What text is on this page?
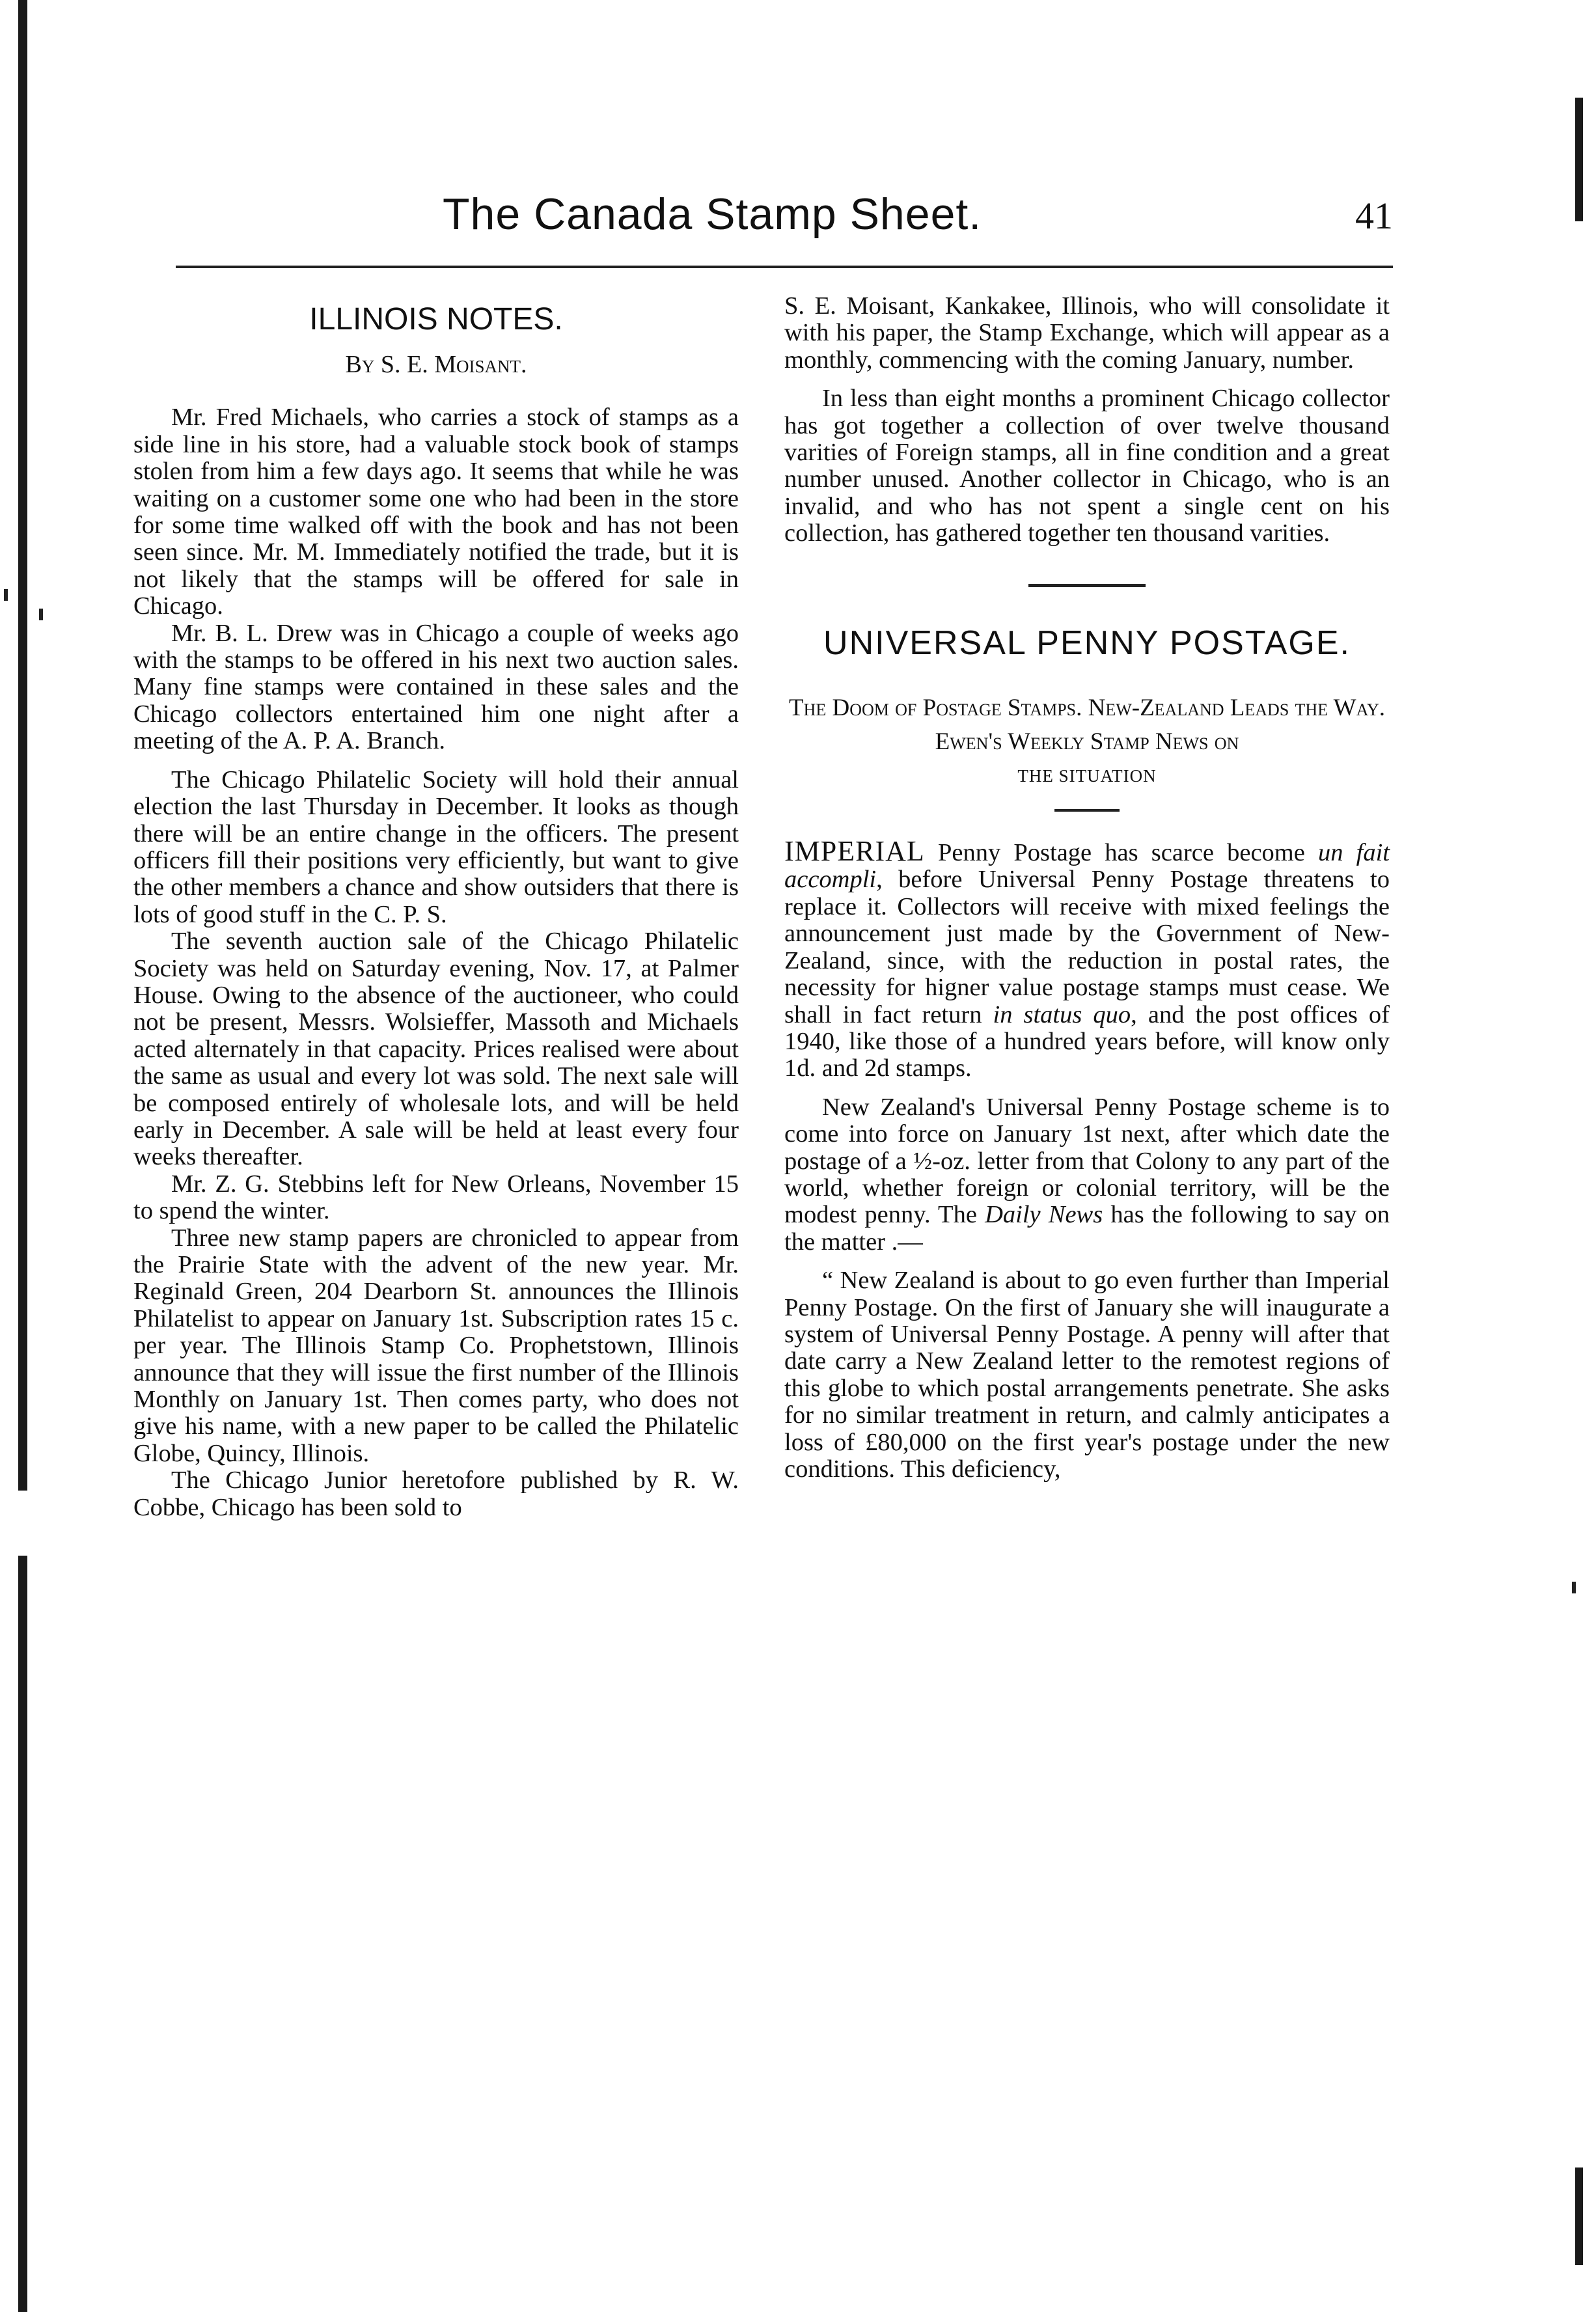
The Canada Stamp Sheet.	41

ILLINOIS NOTES.

By S. E. Moisant.

Mr. Fred Michaels, who carries a stock of stamps as a side line in his store, had a valuable stock book of stamps stolen from him a few days ago. It seems that while he was waiting on a customer some one who had been in the store for some time walked off with the book and has not been seen since. Mr. M. Immediately notified the trade, but it is not likely that the stamps will be offered for sale in Chicago.

Mr. B. L. Drew was in Chicago a couple of weeks ago with the stamps to be offered in his next two auction sales. Many fine stamps were contained in these sales and the Chicago collectors entertained him one night after a meeting of the A. P. A. Branch.

The Chicago Philatelic Society will hold their annual election the last Thursday in December. It looks as though there will be an entire change in the officers. The present officers fill their positions very efficiently, but want to give the other members a chance and show outsiders that there is lots of good stuff in the C. P. S.

The seventh auction sale of the Chicago Philatelic Society was held on Saturday evening, Nov. 17, at Palmer House. Owing to the absence of the auctioneer, who could not be present, Messrs. Wolsieffer, Massoth and Michaels acted alternately in that capacity. Prices realised were about the same as usual and every lot was sold. The next sale will be composed entirely of wholesale lots, and will be held early in December. A sale will be held at least every four weeks thereafter.

Mr. Z. G. Stebbins left for New Orleans, November 15 to spend the winter.

Three new stamp papers are chronicled to appear from the Prairie State with the advent of the new year. Mr. Reginald Green, 204 Dearborn St. announces the Illinois Philatelist to appear on January 1st. Subscription rates 15 c. per year. The Illinois Stamp Co. Prophetstown, Illinois announce that they will issue the first number of the Illinois Monthly on January 1st. Then comes party, who does not give his name, with a new paper to be called the Philatelic Globe, Quincy, Illinois.

The Chicago Junior heretofore published by R. W. Cobbe, Chicago has been sold to

S. E. Moisant, Kankakee, Illinois, who will consolidate it with his paper, the Stamp Exchange, which will appear as a monthly, commencing with the coming January, number.

In less than eight months a prominent Chicago collector has got together a collection of over twelve thousand varities of Foreign stamps, all in fine condition and a great number unused. Another collector in Chicago, who is an invalid, and who has not spent a single cent on his collection, has gathered together ten thousand varities.

UNIVERSAL PENNY POSTAGE.

The Doom of Postage Stamps. New-Zealand Leads the Way. Ewen's Weekly Stamp News on

THE SITUATION

IMPERIAL Penny Postage has scarce become un fait accompli, before Universal Penny Postage threatens to replace it. Collectors will receive with mixed feelings the announcement just made by the Government of New-Zealand, since, with the reduction in postal rates, the necessity for higner value postage stamps must cease. We shall in fact return in status quo, and the post offices of 1940, like those of a hundred years before, will know only 1d. and 2d stamps.

New Zealand's Universal Penny Postage scheme is to come into force on January 1st next, after which date the postage of a ½-oz. letter from that Colony to any part of the world, whether foreign or colonial territory, will be the modest penny. The Daily News has the following to say on the matter .—

“ New Zealand is about to go even further than Imperial Penny Postage. On the first of January she will inaugurate a system of Universal Penny Postage. A penny will after that date carry a New Zealand letter to the remotest regions of this globe to which postal arrangements penetrate. She asks for no similar treatment in return, and calmly anticipates a loss of £80,000 on the first year's postage under the new conditions. This deficiency,
